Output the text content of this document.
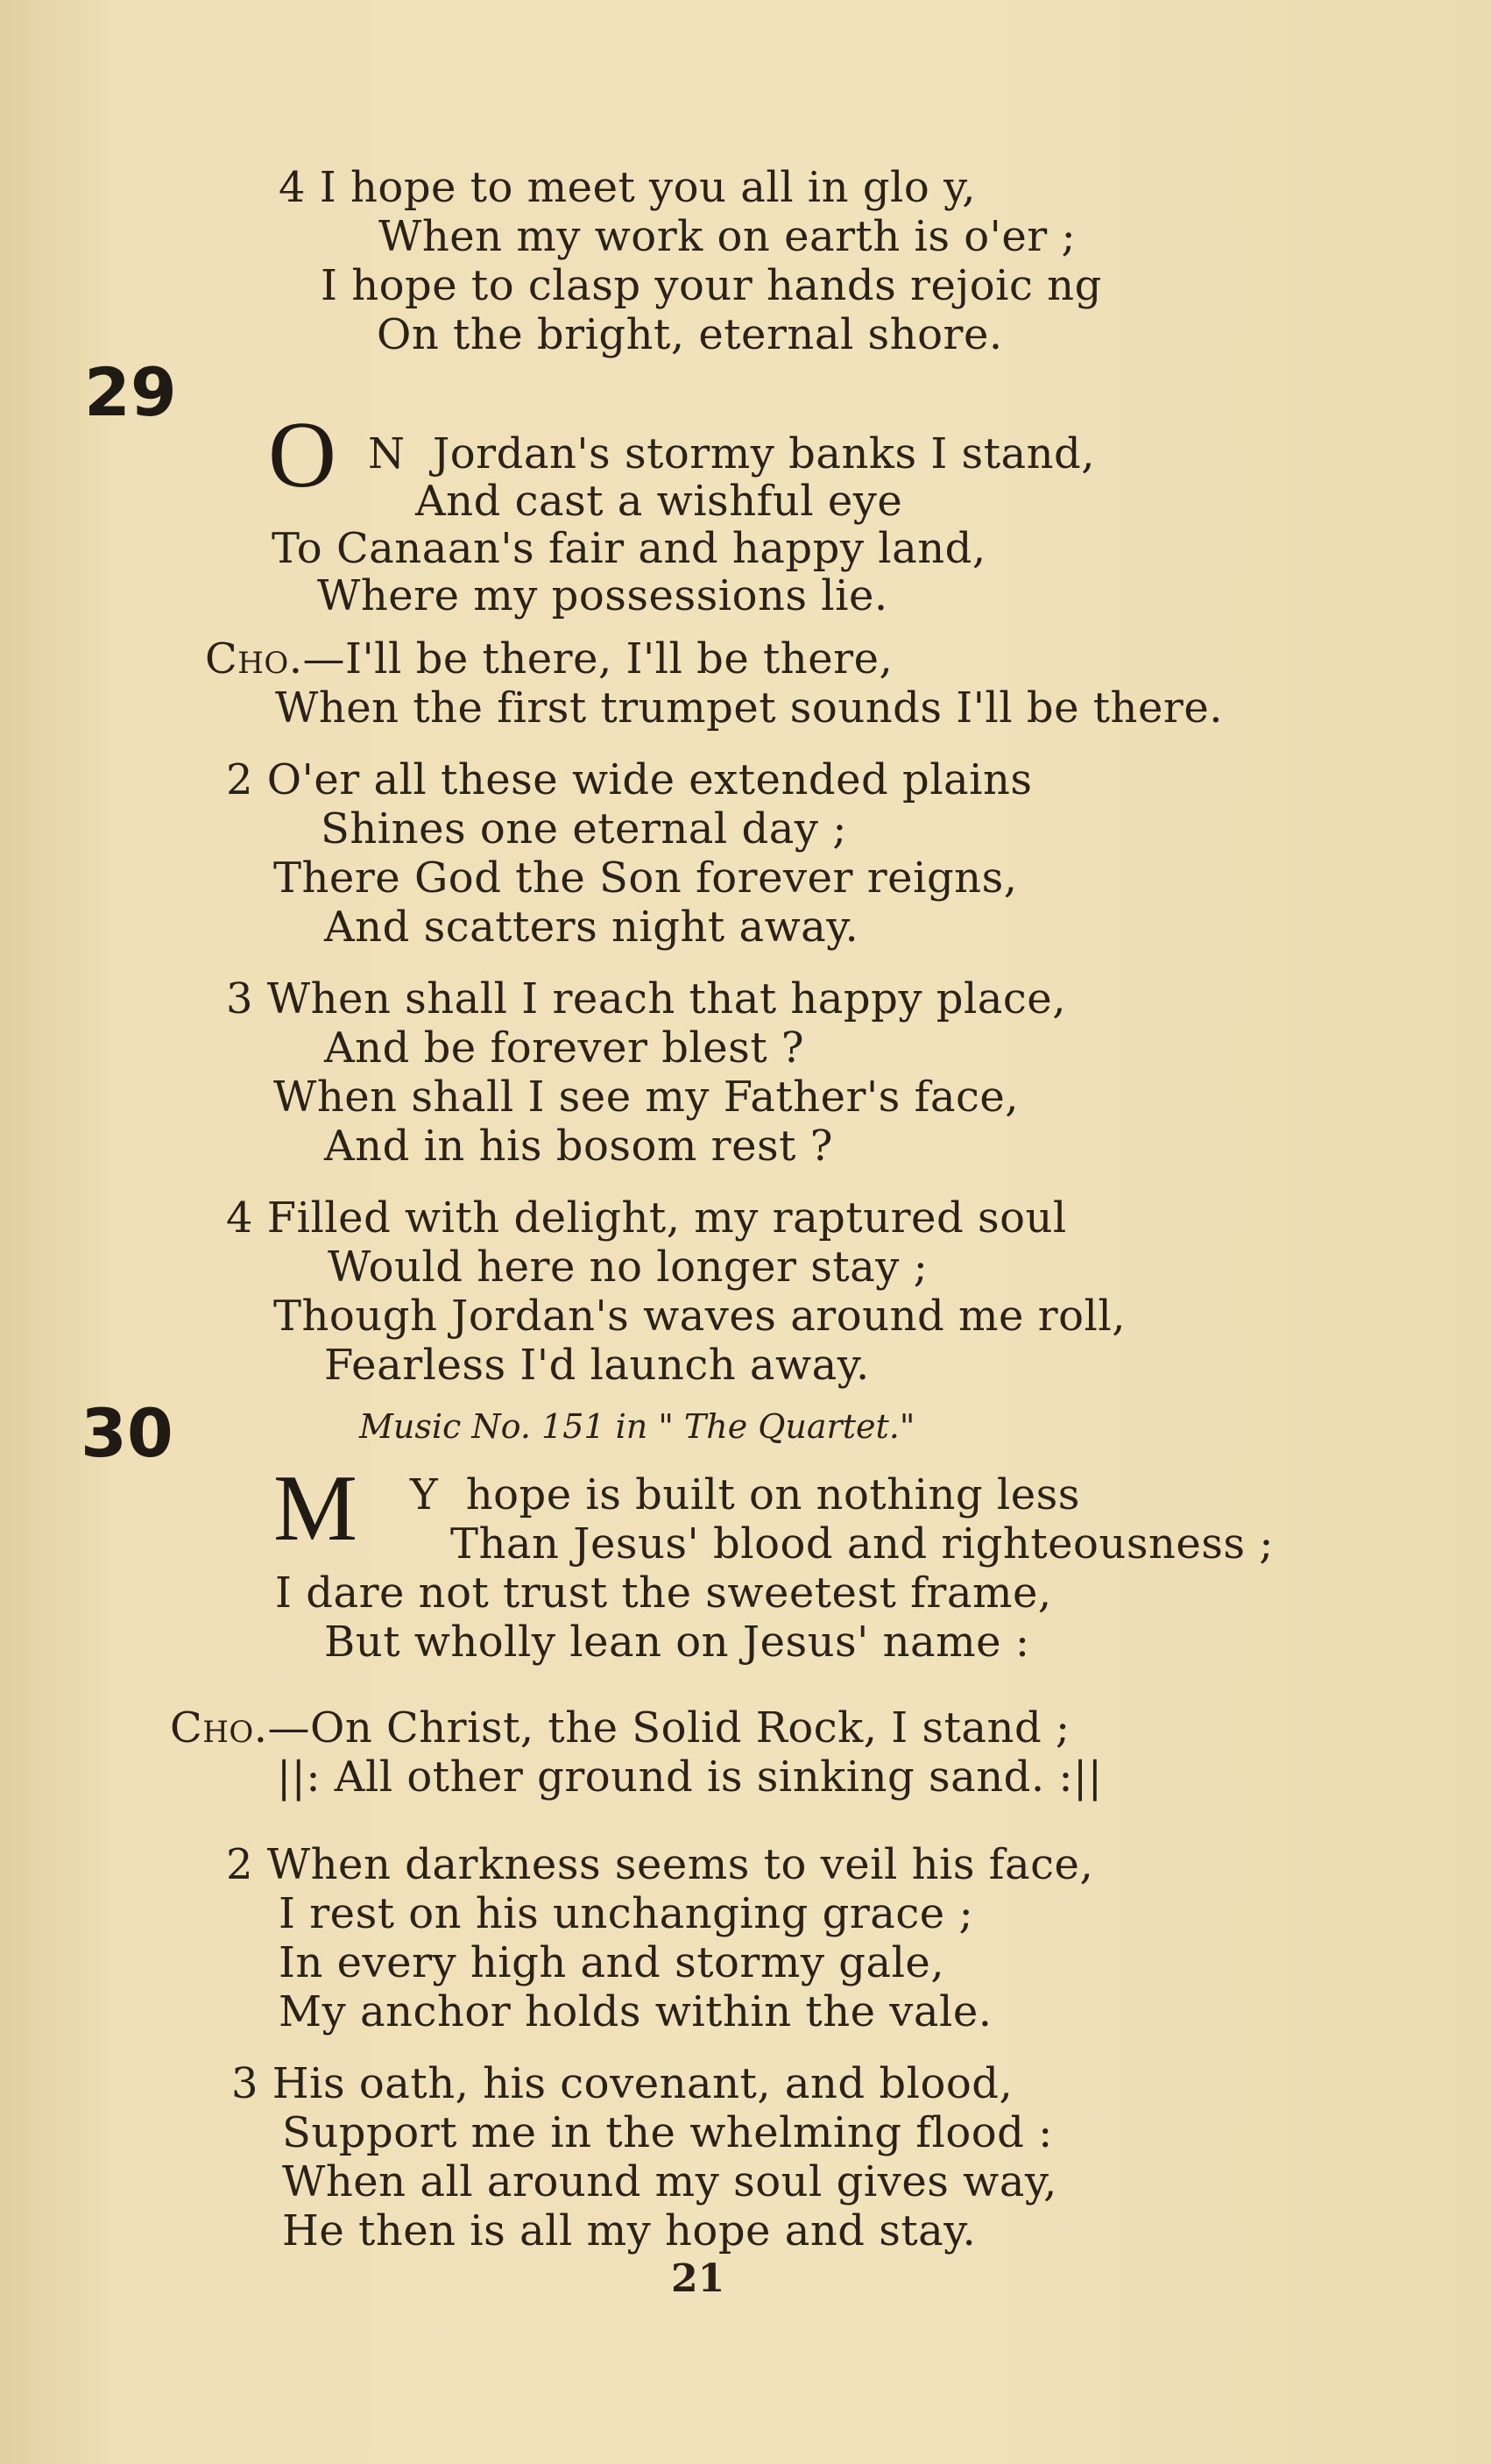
4 I hope to meet you all in glo y,
When my work on earth is o'er ;
I hope to clasp your hands rejoic ng
On the bright, eternal shore.
29
O N  Jordan's stormy banks I stand,
And cast a wishful eye
To Canaan's fair and happy land,
Where my possessions lie.
Cho.—I'll be there, I'll be there,
When the first trumpet sounds I'll be there.
2 O'er all these wide extended plains
Shines one eternal day ;
There God the Son forever reigns,
And scatters night away.
3 When shall I reach that happy place,
And be forever blest ?
When shall I see my Father's face,
And in his bosom rest ?
4 Filled with delight, my raptured soul
Would here no longer stay ;
Though Jordan's waves around me roll,
Fearless I'd launch away.
30	Music No. 151 in " The Quartet."
M Y  hope is built on nothing less
Than Jesus' blood and righteousness ;
I dare not trust the sweetest frame,
But wholly lean on Jesus' name :
Cho.—On Christ, the Solid Rock, I stand ;
||: All other ground is sinking sand. :||
2 When darkness seems to veil his face,
I rest on his unchanging grace ;
In every high and stormy gale,
My anchor holds within the vale.
3 His oath, his covenant, and blood,
Support me in the whelming flood :
When all around my soul gives way,
He then is all my hope and stay.
21
